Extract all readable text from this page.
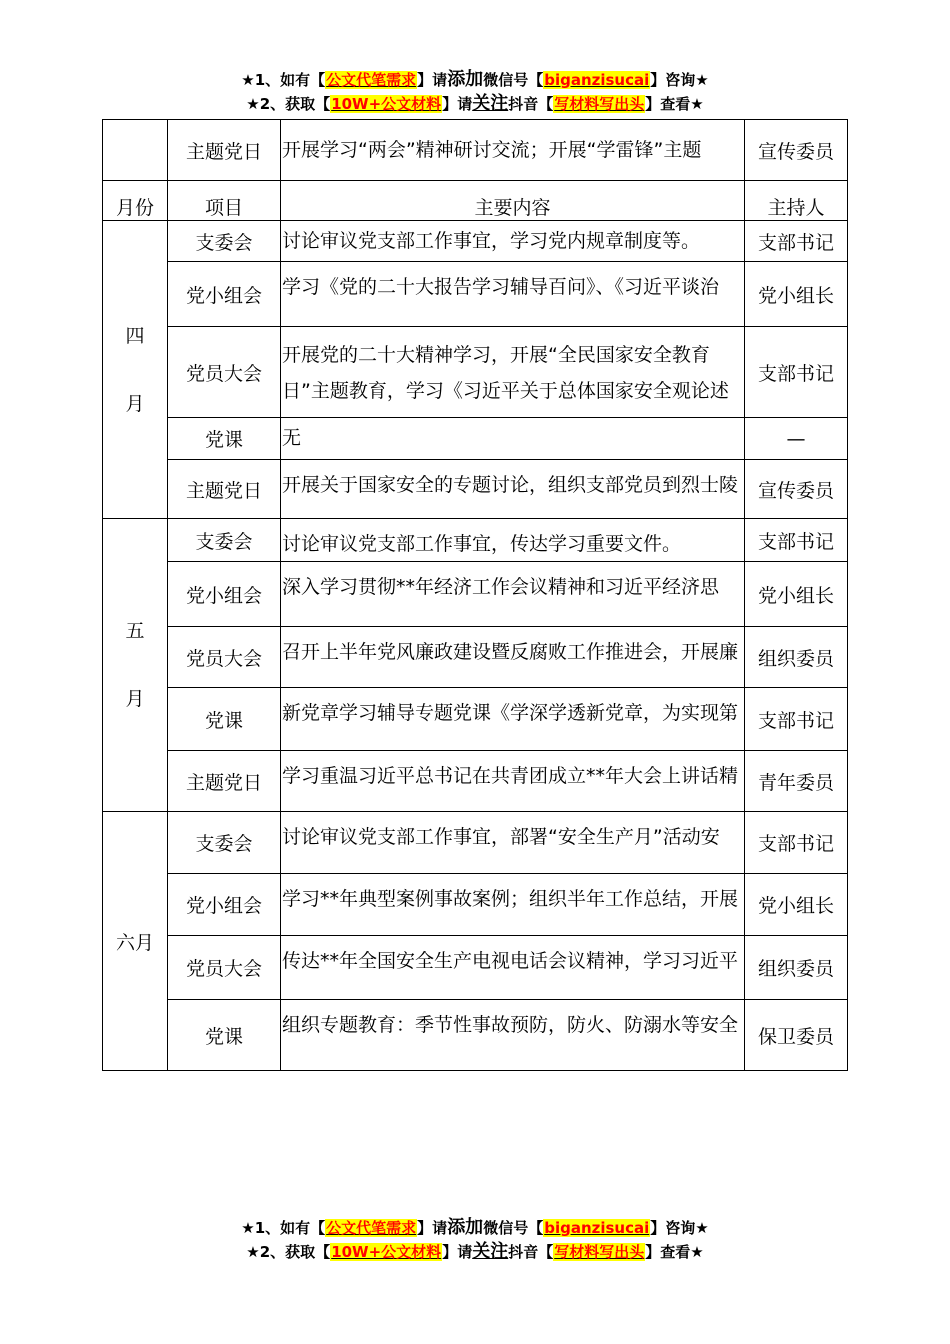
★1、如有【公文代笔需求】请添加微信号【biganzisucai】咨询★
★2、获取【10W+公文材料】请关注抖音【写材料写出头】查看★
	主题党日	开展学习“两会”精神研讨交流；开展“学雷锋”主题	宣传委员
月份	项目	主要内容	主持人

四
月	支委会	讨论审议党支部工作事宜，学习党内规章制度等。	支部书记
	党小组会	学习《党的二十大报告学习辅导百问》、《习近平谈治	党小组长
	党员大会	开展党的二十大精神学习，开展“全民国家安全教育日”主题教育，学习《习近平关于总体国家安全观论述	支部书记
	党课	无	—
	主题党日	开展关于国家安全的专题讨论，组织支部党员到烈士陵	宣传委员

五
月	支委会	讨论审议党支部工作事宜，传达学习重要文件。	支部书记
	党小组会	深入学习贯彻**年经济工作会议精神和习近平经济思	党小组长
	党员大会	召开上半年党风廉政建设暨反腐败工作推进会，开展廉	组织委员
	党课	新党章学习辅导专题党课《学深学透新党章，为实现第	支部书记
	主题党日	学习重温习近平总书记在共青团成立**年大会上讲话精	青年委员
六月	支委会	讨论审议党支部工作事宜，部署“安全生产月”活动安	支部书记
	党小组会	学习**年典型案例事故案例；组织半年工作总结，开展	党小组长
	党员大会	传达**年全国安全生产电视电话会议精神，学习习近平	组织委员
	党课	组织专题教育：季节性事故预防，防火、防溺水等安全	保卫委员
★1、如有【公文代笔需求】请添加微信号【biganzisucai】咨询★
★2、获取【10W+公文材料】请关注抖音【写材料写出头】查看★
